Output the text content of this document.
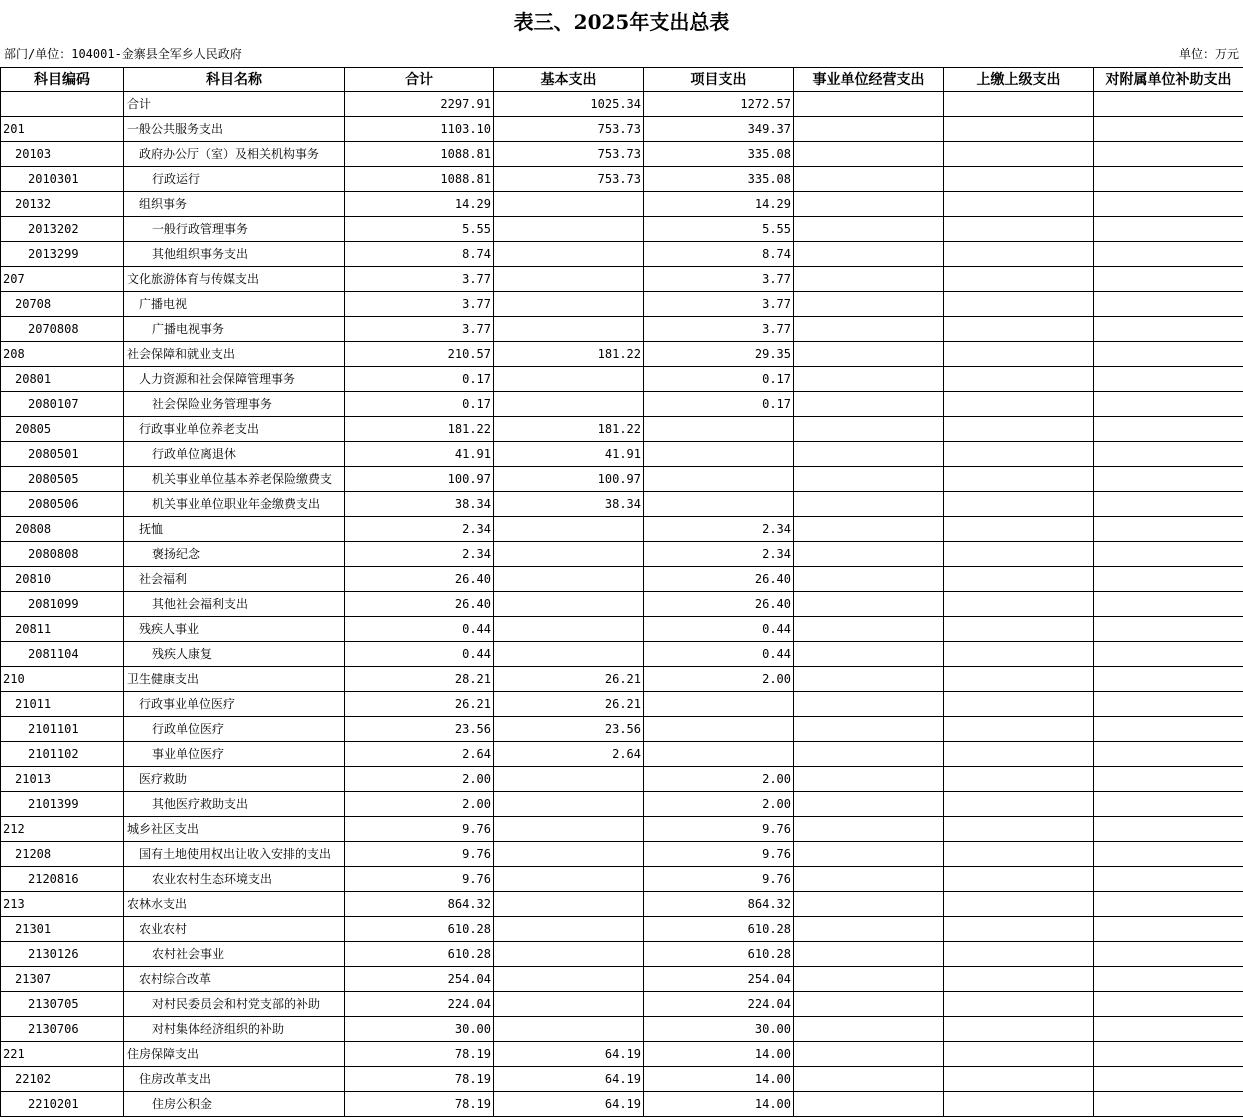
表三、2025年支出总表
部门/单位：104001-金寨县全军乡人民政府	单位：万元
科目编码	科目名称	合计	基本支出	项目支出	事业单位经营支出	上缴上级支出	对附属单位补助支出
	合计	2297.91	1025.34	1272.57			
201	一般公共服务支出	1103.10	753.73	349.37			
20103	政府办公厅（室）及相关机构事务	1088.81	753.73	335.08			
2010301	行政运行	1088.81	753.73	335.08			
20132	组织事务	14.29		14.29			
2013202	一般行政管理事务	5.55		5.55			
2013299	其他组织事务支出	8.74		8.74			
207	文化旅游体育与传媒支出	3.77		3.77			
20708	广播电视	3.77		3.77			
2070808	广播电视事务	3.77		3.77			
208	社会保障和就业支出	210.57	181.22	29.35			
20801	人力资源和社会保障管理事务	0.17		0.17			
2080107	社会保险业务管理事务	0.17		0.17			
20805	行政事业单位养老支出	181.22	181.22				
2080501	行政单位离退休	41.91	41.91				
2080505	机关事业单位基本养老保险缴费支	100.97	100.97				
2080506	机关事业单位职业年金缴费支出	38.34	38.34				
20808	抚恤	2.34		2.34			
2080808	褒扬纪念	2.34		2.34			
20810	社会福利	26.40		26.40			
2081099	其他社会福利支出	26.40		26.40			
20811	残疾人事业	0.44		0.44			
2081104	残疾人康复	0.44		0.44			
210	卫生健康支出	28.21	26.21	2.00			
21011	行政事业单位医疗	26.21	26.21				
2101101	行政单位医疗	23.56	23.56				
2101102	事业单位医疗	2.64	2.64				
21013	医疗救助	2.00		2.00			
2101399	其他医疗救助支出	2.00		2.00			
212	城乡社区支出	9.76		9.76			
21208	国有土地使用权出让收入安排的支出	9.76		9.76			
2120816	农业农村生态环境支出	9.76		9.76			
213	农林水支出	864.32		864.32			
21301	农业农村	610.28		610.28			
2130126	农村社会事业	610.28		610.28			
21307	农村综合改革	254.04		254.04			
2130705	对村民委员会和村党支部的补助	224.04		224.04			
2130706	对村集体经济组织的补助	30.00		30.00			
221	住房保障支出	78.19	64.19	14.00			
22102	住房改革支出	78.19	64.19	14.00			
2210201	住房公积金	78.19	64.19	14.00			
